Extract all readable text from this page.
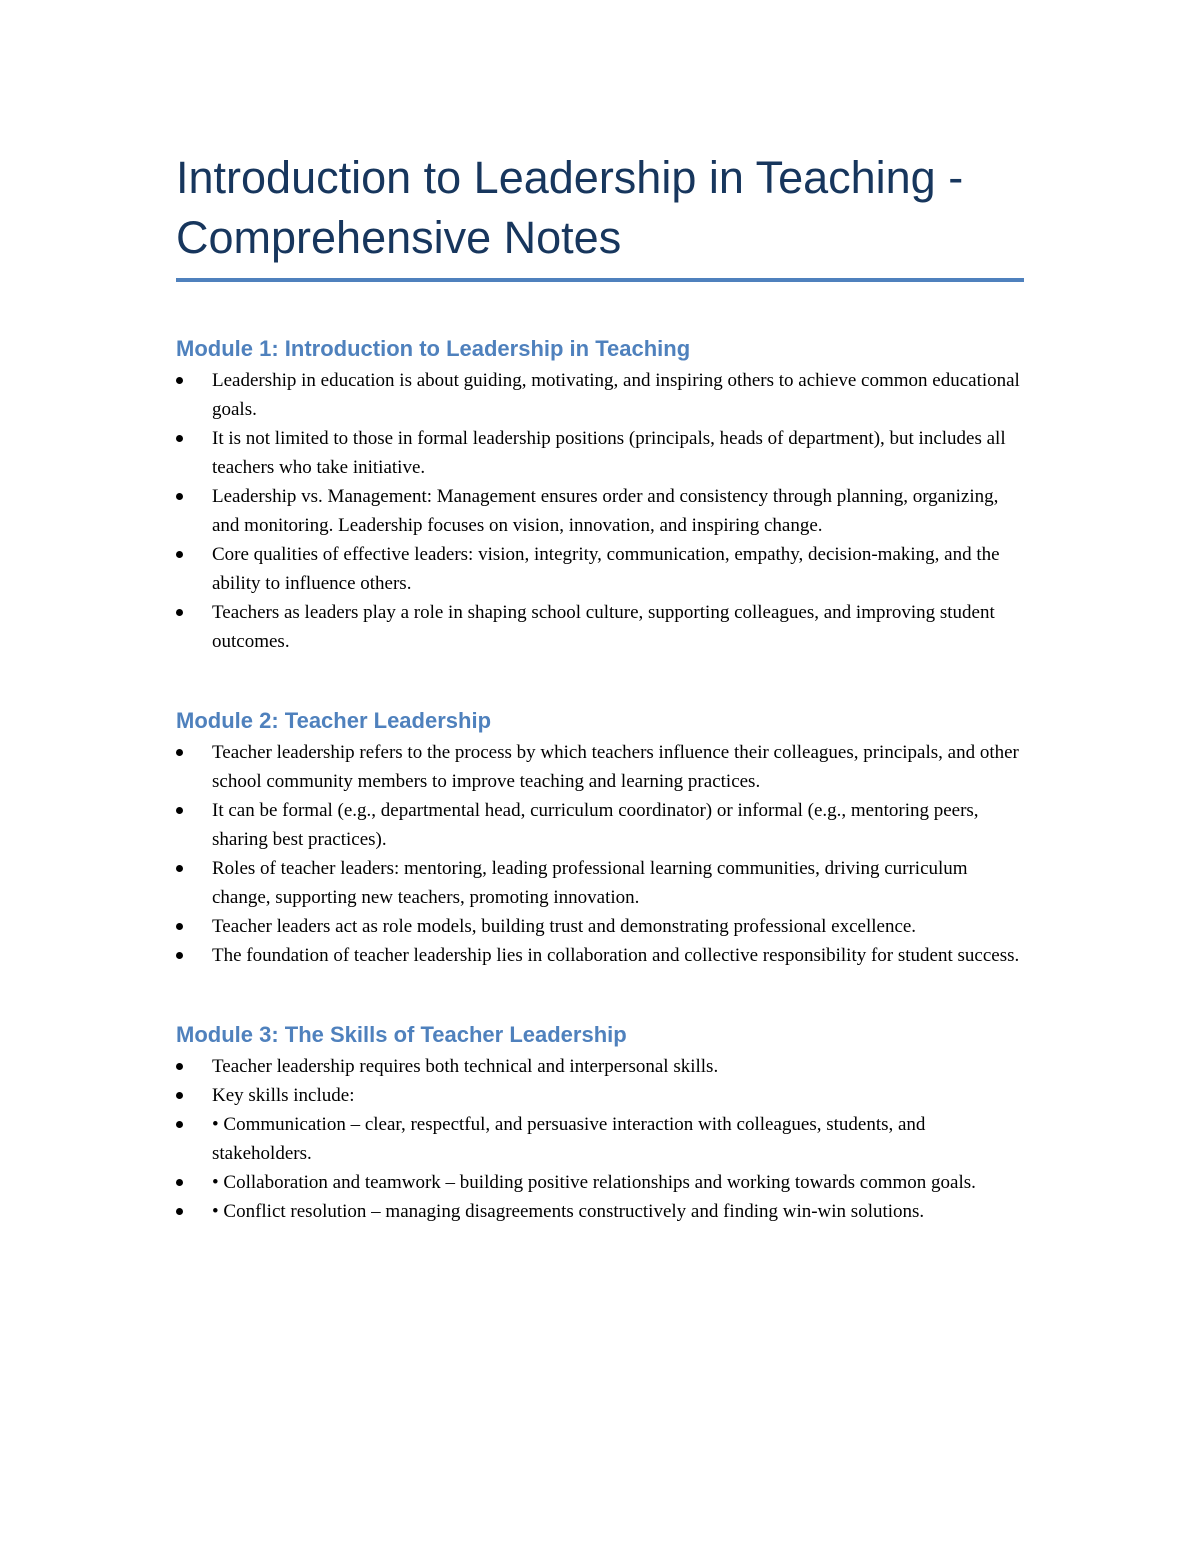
Introduction to Leadership in Teaching - Comprehensive Notes
Module 1: Introduction to Leadership in Teaching
Leadership in education is about guiding, motivating, and inspiring others to achieve common educational goals.
It is not limited to those in formal leadership positions (principals, heads of department), but includes all teachers who take initiative.
Leadership vs. Management: Management ensures order and consistency through planning, organizing, and monitoring. Leadership focuses on vision, innovation, and inspiring change.
Core qualities of effective leaders: vision, integrity, communication, empathy, decision-making, and the ability to influence others.
Teachers as leaders play a role in shaping school culture, supporting colleagues, and improving student outcomes.
Module 2: Teacher Leadership
Teacher leadership refers to the process by which teachers influence their colleagues, principals, and other school community members to improve teaching and learning practices.
It can be formal (e.g., departmental head, curriculum coordinator) or informal (e.g., mentoring peers, sharing best practices).
Roles of teacher leaders: mentoring, leading professional learning communities, driving curriculum change, supporting new teachers, promoting innovation.
Teacher leaders act as role models, building trust and demonstrating professional excellence.
The foundation of teacher leadership lies in collaboration and collective responsibility for student success.
Module 3: The Skills of Teacher Leadership
Teacher leadership requires both technical and interpersonal skills.
Key skills include:
• Communication – clear, respectful, and persuasive interaction with colleagues, students, and stakeholders.
• Collaboration and teamwork – building positive relationships and working towards common goals.
• Conflict resolution – managing disagreements constructively and finding win-win solutions.
